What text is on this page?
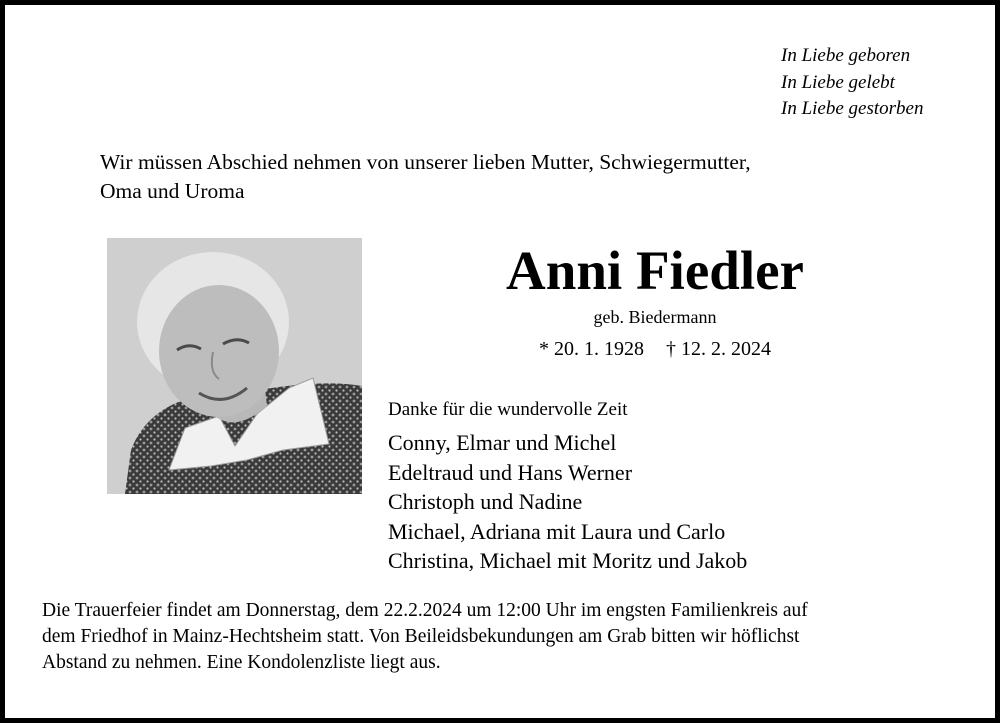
In Liebe geboren
In Liebe gelebt
In Liebe gestorben
Wir müssen Abschied nehmen von unserer lieben Mutter, Schwiegermutter,
Oma und Uroma
Anni Fiedler
geb. Biedermann
* 20. 1. 1928 † 12. 2. 2024
Danke für die wundervolle Zeit
Conny, Elmar und Michel
Edeltraud und Hans Werner
Christoph und Nadine
Michael, Adriana mit Laura und Carlo
Christina, Michael mit Moritz und Jakob
Die Trauerfeier findet am Donnerstag, dem 22.2.2024 um 12:00 Uhr im engsten Familienkreis auf
dem Friedhof in Mainz-Hechtsheim statt. Von Beileidsbekundungen am Grab bitten wir höflichst
Abstand zu nehmen. Eine Kondolenzliste liegt aus.
